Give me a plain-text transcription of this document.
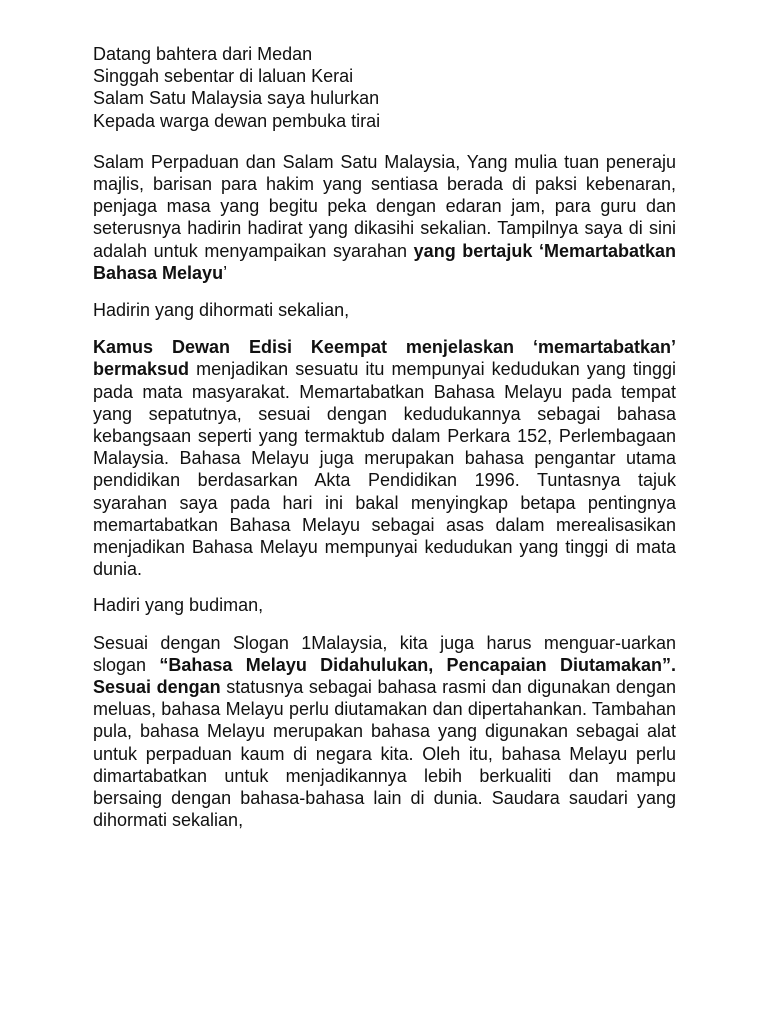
Datang bahtera dari Medan
Singgah sebentar di laluan Kerai
Salam Satu Malaysia saya hulurkan
Kepada warga dewan pembuka tirai

Salam Perpaduan dan Salam Satu Malaysia, Yang mulia tuan peneraju majlis, barisan para hakim yang sentiasa berada di paksi kebenaran, penjaga masa yang begitu peka dengan edaran jam, para guru dan seterusnya hadirin hadirat yang dikasihi sekalian. Tampilnya saya di sini adalah untuk menyampaikan syarahan yang bertajuk ‘Memartabatkan Bahasa Melayu’

Hadirin yang dihormati sekalian,

Kamus Dewan Edisi Keempat menjelaskan ‘memartabatkan’ bermaksud menjadikan sesuatu itu mempunyai kedudukan yang tinggi pada mata masyarakat. Memartabatkan Bahasa Melayu pada tempat yang sepatutnya, sesuai dengan kedudukannya sebagai bahasa kebangsaan seperti yang termaktub dalam Perkara 152, Perlembagaan Malaysia. Bahasa Melayu juga merupakan bahasa pengantar utama pendidikan berdasarkan Akta Pendidikan 1996. Tuntasnya tajuk syarahan saya pada hari ini bakal menyingkap betapa pentingnya memartabatkan Bahasa Melayu sebagai asas dalam merealisasikan menjadikan Bahasa Melayu mempunyai kedudukan yang tinggi di mata dunia.

Hadiri yang budiman,

Sesuai dengan Slogan 1Malaysia, kita juga harus menguar-uarkan slogan “Bahasa Melayu Didahulukan, Pencapaian Diutamakan”. Sesuai dengan statusnya sebagai bahasa rasmi dan digunakan dengan meluas, bahasa Melayu perlu diutamakan dan dipertahankan. Tambahan pula, bahasa Melayu merupakan bahasa yang digunakan sebagai alat untuk perpaduan kaum di negara kita. Oleh itu, bahasa Melayu perlu dimartabatkan untuk menjadikannya lebih berkualiti dan mampu bersaing dengan bahasa-bahasa lain di dunia. Saudara saudari yang dihormati sekalian,
